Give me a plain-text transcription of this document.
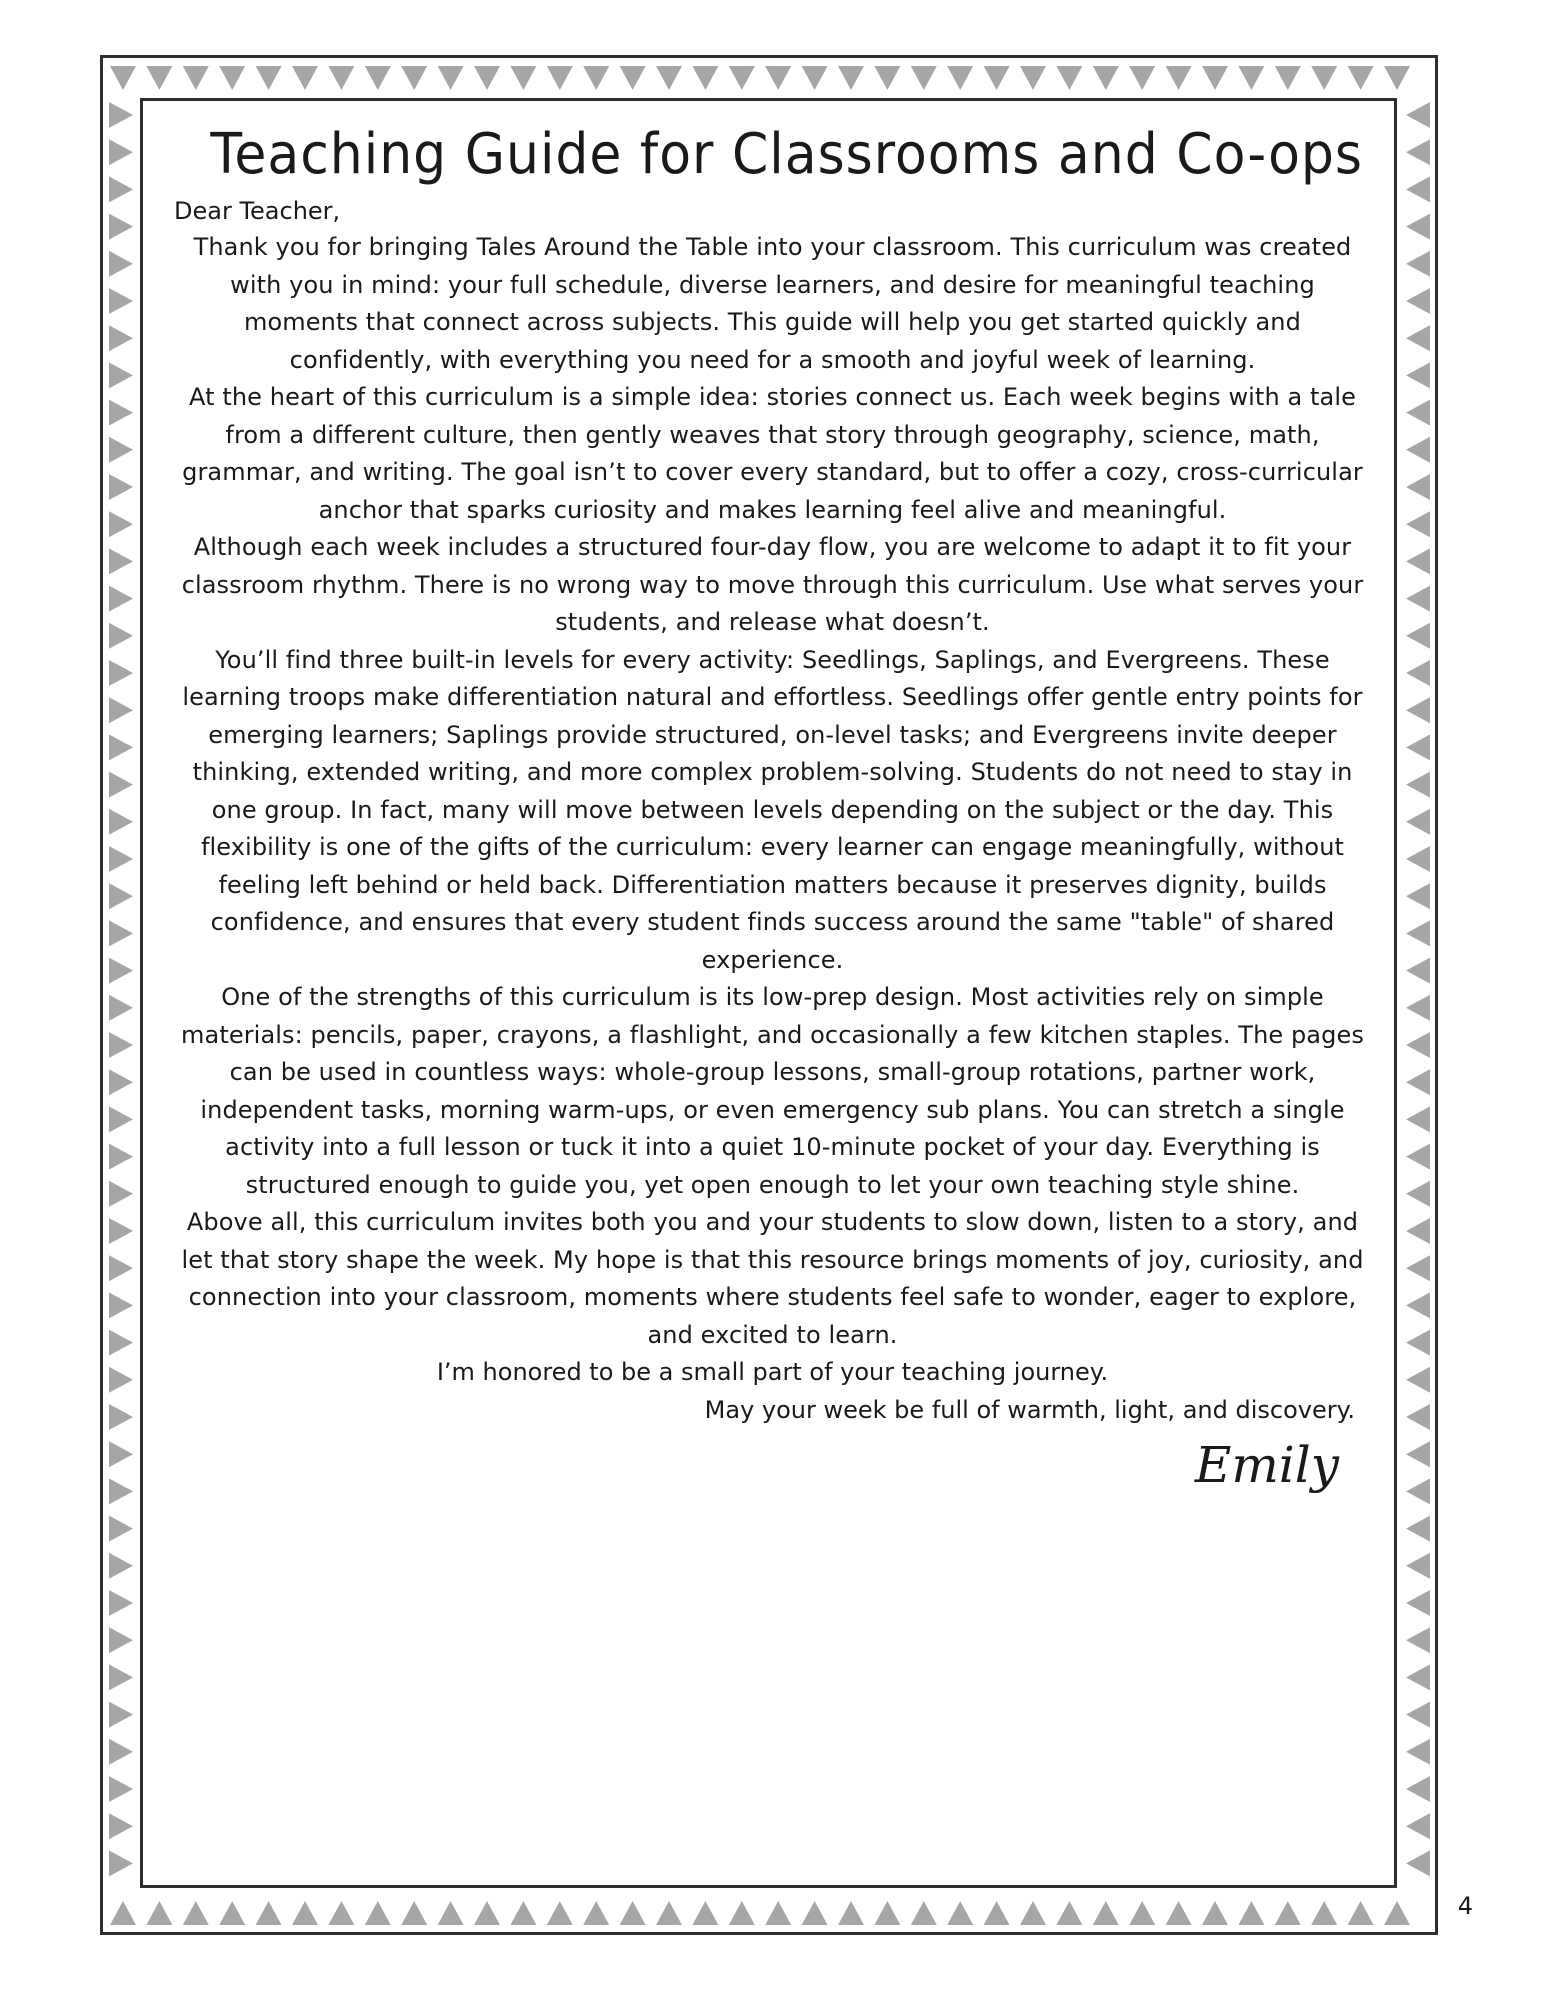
Teaching Guide for Classrooms and Co-ops
Dear Teacher,

Thank you for bringing Tales Around the Table into your classroom. This curriculum was created with you in mind: your full schedule, diverse learners, and desire for meaningful teaching moments that connect across subjects. This guide will help you get started quickly and confidently, with everything you need for a smooth and joyful week of learning.

At the heart of this curriculum is a simple idea: stories connect us. Each week begins with a tale from a different culture, then gently weaves that story through geography, science, math, grammar, and writing. The goal isn’t to cover every standard, but to offer a cozy, cross-curricular anchor that sparks curiosity and makes learning feel alive and meaningful.

Although each week includes a structured four-day flow, you are welcome to adapt it to fit your classroom rhythm. There is no wrong way to move through this curriculum. Use what serves your students, and release what doesn’t.

You’ll find three built-in levels for every activity: Seedlings, Saplings, and Evergreens. These learning troops make differentiation natural and effortless. Seedlings offer gentle entry points for emerging learners; Saplings provide structured, on-level tasks; and Evergreens invite deeper thinking, extended writing, and more complex problem-solving. Students do not need to stay in one group. In fact, many will move between levels depending on the subject or the day. This flexibility is one of the gifts of the curriculum: every learner can engage meaningfully, without feeling left behind or held back. Differentiation matters because it preserves dignity, builds confidence, and ensures that every student finds success around the same "table" of shared experience.

One of the strengths of this curriculum is its low-prep design. Most activities rely on simple materials: pencils, paper, crayons, a flashlight, and occasionally a few kitchen staples. The pages can be used in countless ways: whole-group lessons, small-group rotations, partner work, independent tasks, morning warm-ups, or even emergency sub plans. You can stretch a single activity into a full lesson or tuck it into a quiet 10-minute pocket of your day. Everything is structured enough to guide you, yet open enough to let your own teaching style shine.

Above all, this curriculum invites both you and your students to slow down, listen to a story, and let that story shape the week. My hope is that this resource brings moments of joy, curiosity, and connection into your classroom, moments where students feel safe to wonder, eager to explore, and excited to learn.

I’m honored to be a small part of your teaching journey.

May your week be full of warmth, light, and discovery.

Emily
4
